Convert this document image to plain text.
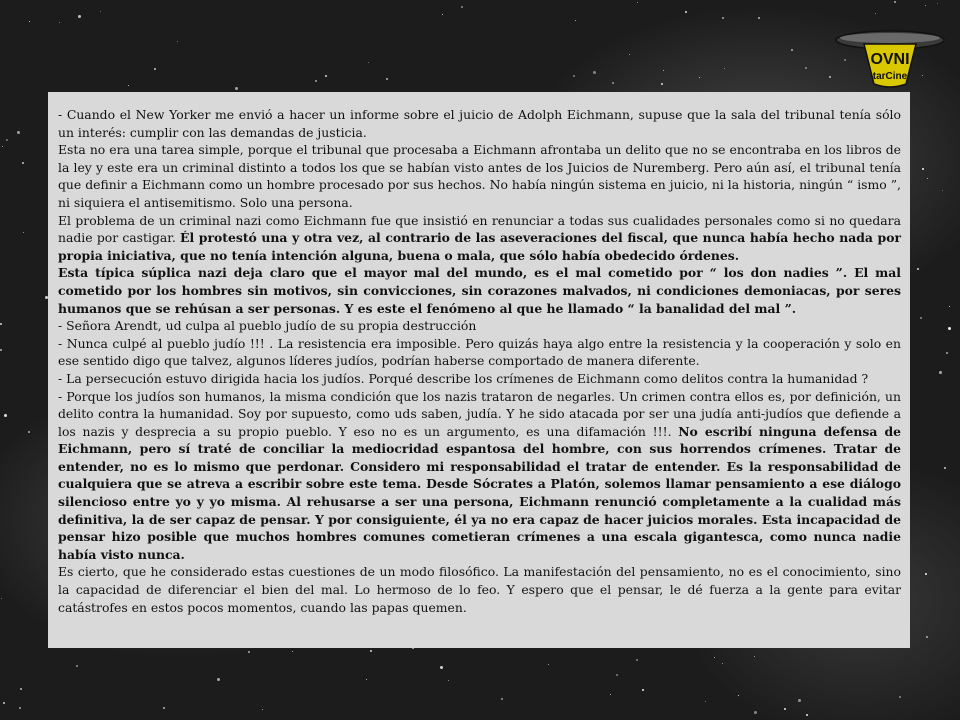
OVNI
tarCine

- Cuando el New Yorker me envió a hacer un informe sobre el juicio de Adolph Eichmann, supuse que la sala del tribunal tenía sólo un interés: cumplir con las demandas de justicia.

Esta no era una tarea simple, porque el tribunal que procesaba a Eichmann afrontaba un delito que no se encontraba en los libros de la ley y este era un criminal distinto a todos los que se habían visto antes de los Juicios de Nuremberg. Pero aún así, el tribunal tenía que definir a Eichmann como un hombre procesado por sus hechos. No había ningún sistema en juicio, ni la historia, ningún “ ismo ”, ni siquiera el antisemitismo. Solo una persona.

El problema de un criminal nazi como Eichmann fue que insistió en renunciar a todas sus cualidades personales como si no quedara nadie por castigar. Él protestó una y otra vez, al contrario de las aseveraciones del fiscal, que nunca había hecho nada por propia iniciativa, que no tenía intención alguna, buena o mala, que sólo había obedecido órdenes.

Esta típica súplica nazi deja claro que el mayor mal del mundo, es el mal cometido por “ los don nadies ”. El mal cometido por los hombres sin motivos, sin convicciones, sin corazones malvados, ni condiciones demoniacas, por seres humanos que se rehúsan a ser personas. Y es este el fenómeno al que he llamado “ la banalidad del mal ”.

- Señora Arendt, ud culpa al pueblo judío de su propia destrucción

- Nunca culpé al pueblo judío !!! . La resistencia era imposible. Pero quizás haya algo entre la resistencia y la cooperación y solo en ese sentido digo que talvez, algunos líderes judíos, podrían haberse comportado de manera diferente.

- La persecución estuvo dirigida hacia los judíos. Porqué describe los crímenes de Eichmann como delitos contra la humanidad ?

- Porque los judíos son humanos, la misma condición que los nazis trataron de negarles. Un crimen contra ellos es, por definición, un delito contra la humanidad. Soy por supuesto, como uds saben, judía. Y he sido atacada por ser una judía anti-judíos que defiende a los nazis y desprecia a su propio pueblo. Y eso no es un argumento, es una difamación !!!. No escribí ninguna defensa de Eichmann, pero sí traté de conciliar la mediocridad espantosa del hombre, con sus horrendos crímenes. Tratar de entender, no es lo mismo que perdonar. Considero mi responsabilidad el tratar de entender. Es la responsabilidad de cualquiera que se atreva a escribir sobre este tema. Desde Sócrates a Platón, solemos llamar pensamiento a ese diálogo silencioso entre yo y yo misma. Al rehusarse a ser una persona, Eichmann renunció completamente a la cualidad más definitiva, la de ser capaz de pensar. Y por consiguiente, él ya no era capaz de hacer juicios morales. Esta incapacidad de pensar hizo posible que muchos hombres comunes cometieran crímenes a una escala gigantesca, como nunca nadie había visto nunca.

Es cierto, que he considerado estas cuestiones de un modo filosófico. La manifestación del pensamiento, no es el conocimiento, sino la capacidad de diferenciar el bien del mal. Lo hermoso de lo feo. Y espero que el pensar, le dé fuerza a la gente para evitar catástrofes en estos pocos momentos, cuando las papas quemen.
